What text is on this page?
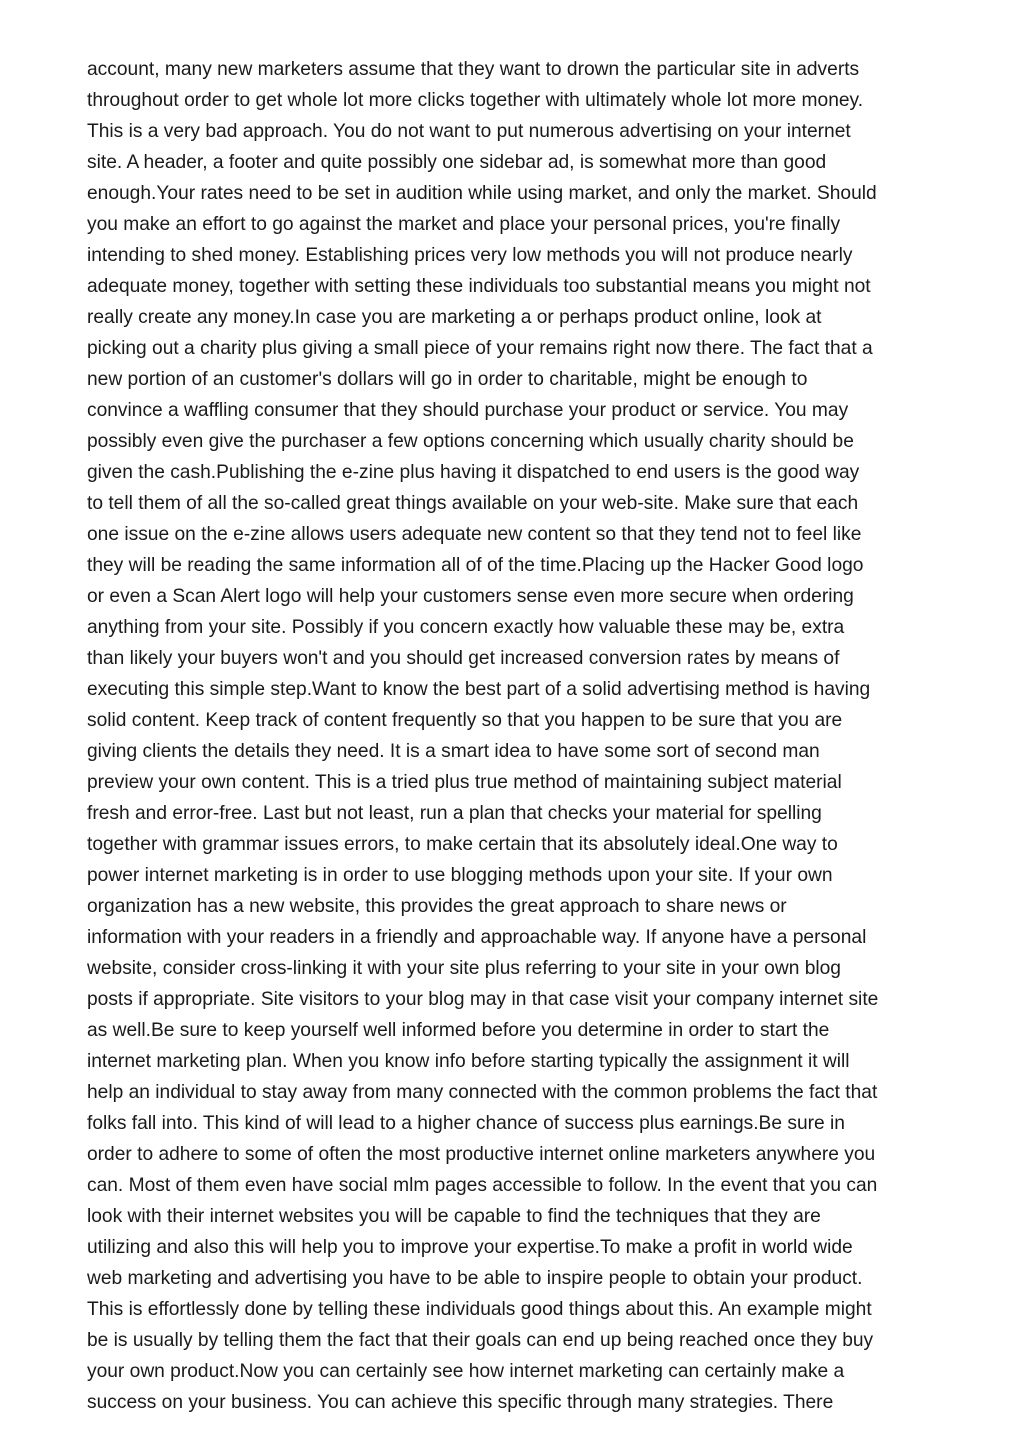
account, many new marketers assume that they want to drown the particular site in adverts
throughout order to get whole lot more clicks together with ultimately whole lot more money.
This is a very bad approach. You do not want to put numerous advertising on your internet
site. A header, a footer and quite possibly one sidebar ad, is somewhat more than good
enough.Your rates need to be set in audition while using market, and only the market. Should
you make an effort to go against the market and place your personal prices, you're finally
intending to shed money. Establishing prices very low methods you will not produce nearly
adequate money, together with setting these individuals too substantial means you might not
really create any money.In case you are marketing a or perhaps product online, look at
picking out a charity plus giving a small piece of your remains right now there. The fact that a
new portion of an customer's dollars will go in order to charitable, might be enough to
convince a waffling consumer that they should purchase your product or service. You may
possibly even give the purchaser a few options concerning which usually charity should be
given the cash.Publishing the e-zine plus having it dispatched to end users is the good way
to tell them of all the so-called great things available on your web-site. Make sure that each
one issue on the e-zine allows users adequate new content so that they tend not to feel like
they will be reading the same information all of of the time.Placing up the Hacker Good logo
or even a Scan Alert logo will help your customers sense even more secure when ordering
anything from your site. Possibly if you concern exactly how valuable these may be, extra
than likely your buyers won't and you should get increased conversion rates by means of
executing this simple step.Want to know the best part of a solid advertising method is having
solid content. Keep track of content frequently so that you happen to be sure that you are
giving clients the details they need. It is a smart idea to have some sort of second man
preview your own content. This is a tried plus true method of maintaining subject material
fresh and error-free. Last but not least, run a plan that checks your material for spelling
together with grammar issues errors, to make certain that its absolutely ideal.One way to
power internet marketing is in order to use blogging methods upon your site. If your own
organization has a new website, this provides the great approach to share news or
information with your readers in a friendly and approachable way. If anyone have a personal
website, consider cross-linking it with your site plus referring to your site in your own blog
posts if appropriate. Site visitors to your blog may in that case visit your company internet site
as well.Be sure to keep yourself well informed before you determine in order to start the
internet marketing plan. When you know info before starting typically the assignment it will
help an individual to stay away from many connected with the common problems the fact that
folks fall into. This kind of will lead to a higher chance of success plus earnings.Be sure in
order to adhere to some of often the most productive internet online marketers anywhere you
can. Most of them even have social mlm pages accessible to follow. In the event that you can
look with their internet websites you will be capable to find the techniques that they are
utilizing and also this will help you to improve your expertise.To make a profit in world wide
web marketing and advertising you have to be able to inspire people to obtain your product.
This is effortlessly done by telling these individuals good things about this. An example might
be is usually by telling them the fact that their goals can end up being reached once they buy
your own product.Now you can certainly see how internet marketing can certainly make a
success on your business. You can achieve this specific through many strategies. There
